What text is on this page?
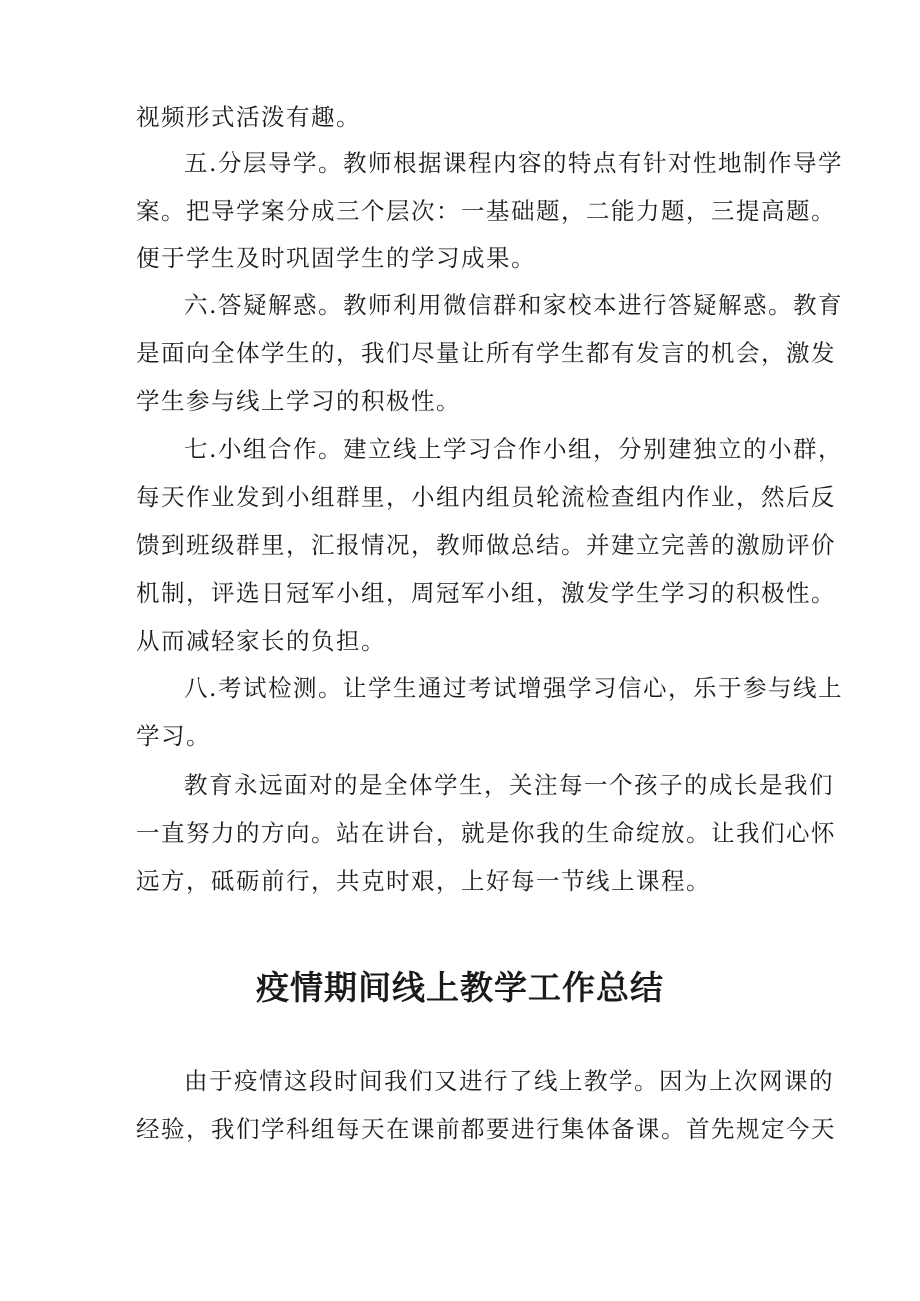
视频形式活泼有趣。

五.分层导学。教师根据课程内容的特点有针对性地制作导学

案。把导学案分成三个层次：一基础题，二能力题，三提高题。

便于学生及时巩固学生的学习成果。

六.答疑解惑。教师利用微信群和家校本进行答疑解惑。教育

是面向全体学生的，我们尽量让所有学生都有发言的机会，激发

学生参与线上学习的积极性。

七.小组合作。建立线上学习合作小组，分别建独立的小群，

每天作业发到小组群里，小组内组员轮流检查组内作业，然后反

馈到班级群里，汇报情况，教师做总结。并建立完善的激励评价

机制，评选日冠军小组，周冠军小组，激发学生学习的积极性。

从而减轻家长的负担。

八.考试检测。让学生通过考试增强学习信心，乐于参与线上

学习。

教育永远面对的是全体学生，关注每一个孩子的成长是我们

一直努力的方向。站在讲台，就是你我的生命绽放。让我们心怀

远方，砥砺前行，共克时艰，上好每一节线上课程。

疫情期间线上教学工作总结

由于疫情这段时间我们又进行了线上教学。因为上次网课的

经验，我们学科组每天在课前都要进行集体备课。首先规定今天
